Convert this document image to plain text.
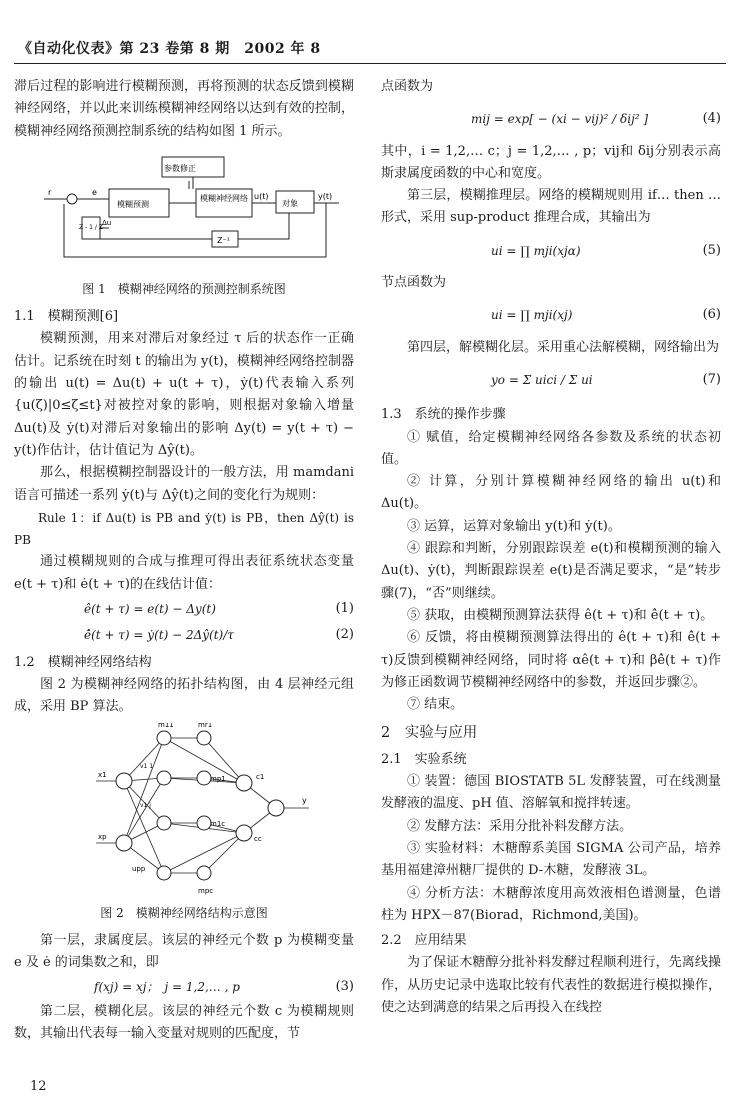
《自动化仪表》第 23 卷第 8 期　2002 年 8

滞后过程的影响进行模糊预测，再将预测的状态反馈到模糊神经网络，并以此来训练模糊神经网络以达到有效的控制，模糊神经网络预测控制系统的结构如图 1 所示。

参数修正
模糊预测
模糊神经网络
对象
Z⁻¹
Z - 1 / Z
r	e	u(t)	y(t)
Δu
图 1　模糊神经网络的预测控制系统图
1.1　模糊预测[6]

模糊预测，用来对滞后对象经过 τ 后的状态作一正确估计。记系统在时刻 t 的输出为 y(t)，模糊神经网络控制器的输出 u(t) = Δu(t) + u(t + τ)，ẏ(t)代表输入系列 {u(ζ)|0≤ζ≤t}对被控对象的影响，则根据对象输入增量 Δu(t)及 ẏ(t)对滞后对象输出的影响 Δy(t) = y(t + τ) − y(t)作估计，估计值记为 Δŷ(t)。

那么，根据模糊控制器设计的一般方法，用 mamdani 语言可描述一系列 ẏ(t)与 Δŷ(t)之间的变化行为规则：

Rule 1：if Δu(t) is PB and ẏ(t) is PB，then Δŷ(t) is PB

通过模糊规则的合成与推理可得出表征系统状态变量 e(t + τ)和 ė(t + τ)的在线估计值：

ê(t + τ) = e(t) − Δy(t)	(1)
ê̇(t + τ) = ẏ(t) − 2Δŷ(t)/τ	(2)
1.2　模糊神经网络结构

图 2 为模糊神经网络的拓扑结构图，由 4 层神经元组成，采用 BP 算法。

m11	mr1
x1
xp
mp1
m1c
mpc
upp
c1
cc
y
v1 1
v1 j
图 2　模糊神经网络结构示意图

第一层，隶属度层。该层的神经元个数 p 为模糊变量 e 及 ė 的词集数之和，即

f(xj) = xj；　j = 1,2,… , p	(3)

第二层，模糊化层。该层的神经元个数 c 为模糊规则数，其输出代表每一输入变量对规则的匹配度，节

点函数为

mij = exp[ − (xi − vij)² / δij² ]	(4)

其中，i = 1,2,… c；j = 1,2,… , p；vij和 δij分别表示高斯隶属度函数的中心和宽度。

第三层，模糊推理层。网络的模糊规则用 if… then … 形式，采用 sup-product 推理合成，其输出为

ui = ∏ mji(xjα)	(5)

节点函数为

ui = ∏ mji(xj)	(6)

第四层，解模糊化层。采用重心法解模糊，网络输出为

yo = Σ uici / Σ ui	(7)
1.3　系统的操作步骤

① 赋值，给定模糊神经网络各参数及系统的状态初值。

② 计算，分别计算模糊神经网络的输出 u(t)和 Δu(t)。

③ 运算，运算对象输出 y(t)和 ẏ(t)。

④ 跟踪和判断，分别跟踪误差 e(t)和模糊预测的输入 Δu(t)、ẏ(t)，判断跟踪误差 e(t)是否满足要求，“是”转步骤(7)，“否”则继续。

⑤ 获取，由模糊预测算法获得 ê(t + τ)和 ê̇(t + τ)。

⑥ 反馈，将由模糊预测算法得出的 ê(t + τ)和 ê̇(t + τ)反馈到模糊神经网络，同时将 αê(t + τ)和 βê̇(t + τ)作为修正函数调节模糊神经网络中的参数，并返回步骤②。

⑦ 结束。

2　实验与应用
2.1　实验系统

① 装置：德国 BIOSTATB 5L 发酵装置，可在线测量发酵液的温度、pH 值、溶解氧和搅拌转速。

② 发酵方法：采用分批补料发酵方法。

③ 实验材料：木糖醇系美国 SIGMA 公司产品，培养基用福建漳州糖厂提供的 D-木糖，发酵液 3L。

④ 分析方法：木糖醇浓度用高效液相色谱测量，色谱柱为 HPX－87(Biorad，Richmond,美国)。

2.2　应用结果

为了保证木糖醇分批补料发酵过程顺利进行，先离线操作，从历史记录中选取比较有代表性的数据进行模拟操作，使之达到满意的结果之后再投入在线控

12
